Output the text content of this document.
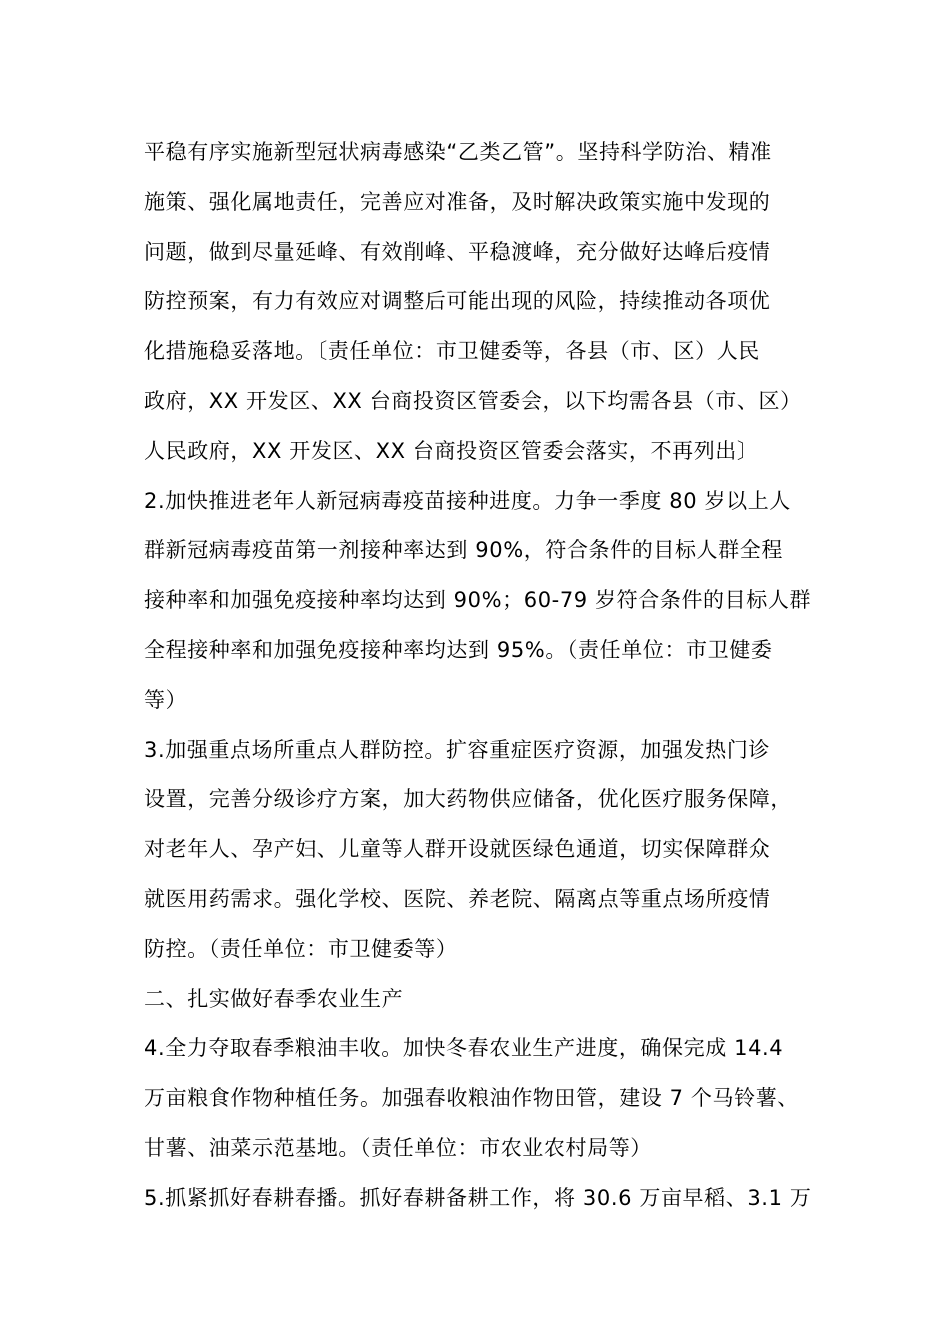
平稳有序实施新型冠状病毒感染“乙类乙管”。坚持科学防治、精准
施策、强化属地责任，完善应对准备，及时解决政策实施中发现的
问题，做到尽量延峰、有效削峰、平稳渡峰，充分做好达峰后疫情
防控预案，有力有效应对调整后可能出现的风险，持续推动各项优
化措施稳妥落地。〔责任单位：市卫健委等，各县（市、区）人民
政府，XX 开发区、XX 台商投资区管委会，以下均需各县（市、区）
人民政府，XX 开发区、XX 台商投资区管委会落实，不再列出〕
2.加快推进老年人新冠病毒疫苗接种进度。力争一季度 80 岁以上人
群新冠病毒疫苗第一剂接种率达到 90%，符合条件的目标人群全程
接种率和加强免疫接种率均达到 90%；60-79 岁符合条件的目标人群
全程接种率和加强免疫接种率均达到 95%。（责任单位：市卫健委
等）
3.加强重点场所重点人群防控。扩容重症医疗资源，加强发热门诊
设置，完善分级诊疗方案，加大药物供应储备，优化医疗服务保障，
对老年人、孕产妇、儿童等人群开设就医绿色通道，切实保障群众
就医用药需求。强化学校、医院、养老院、隔离点等重点场所疫情
防控。（责任单位：市卫健委等）
二、扎实做好春季农业生产
4.全力夺取春季粮油丰收。加快冬春农业生产进度，确保完成 14.4
万亩粮食作物种植任务。加强春收粮油作物田管，建设 7 个马铃薯、
甘薯、油菜示范基地。（责任单位：市农业农村局等）
5.抓紧抓好春耕春播。抓好春耕备耕工作，将 30.6 万亩早稻、3.1 万
